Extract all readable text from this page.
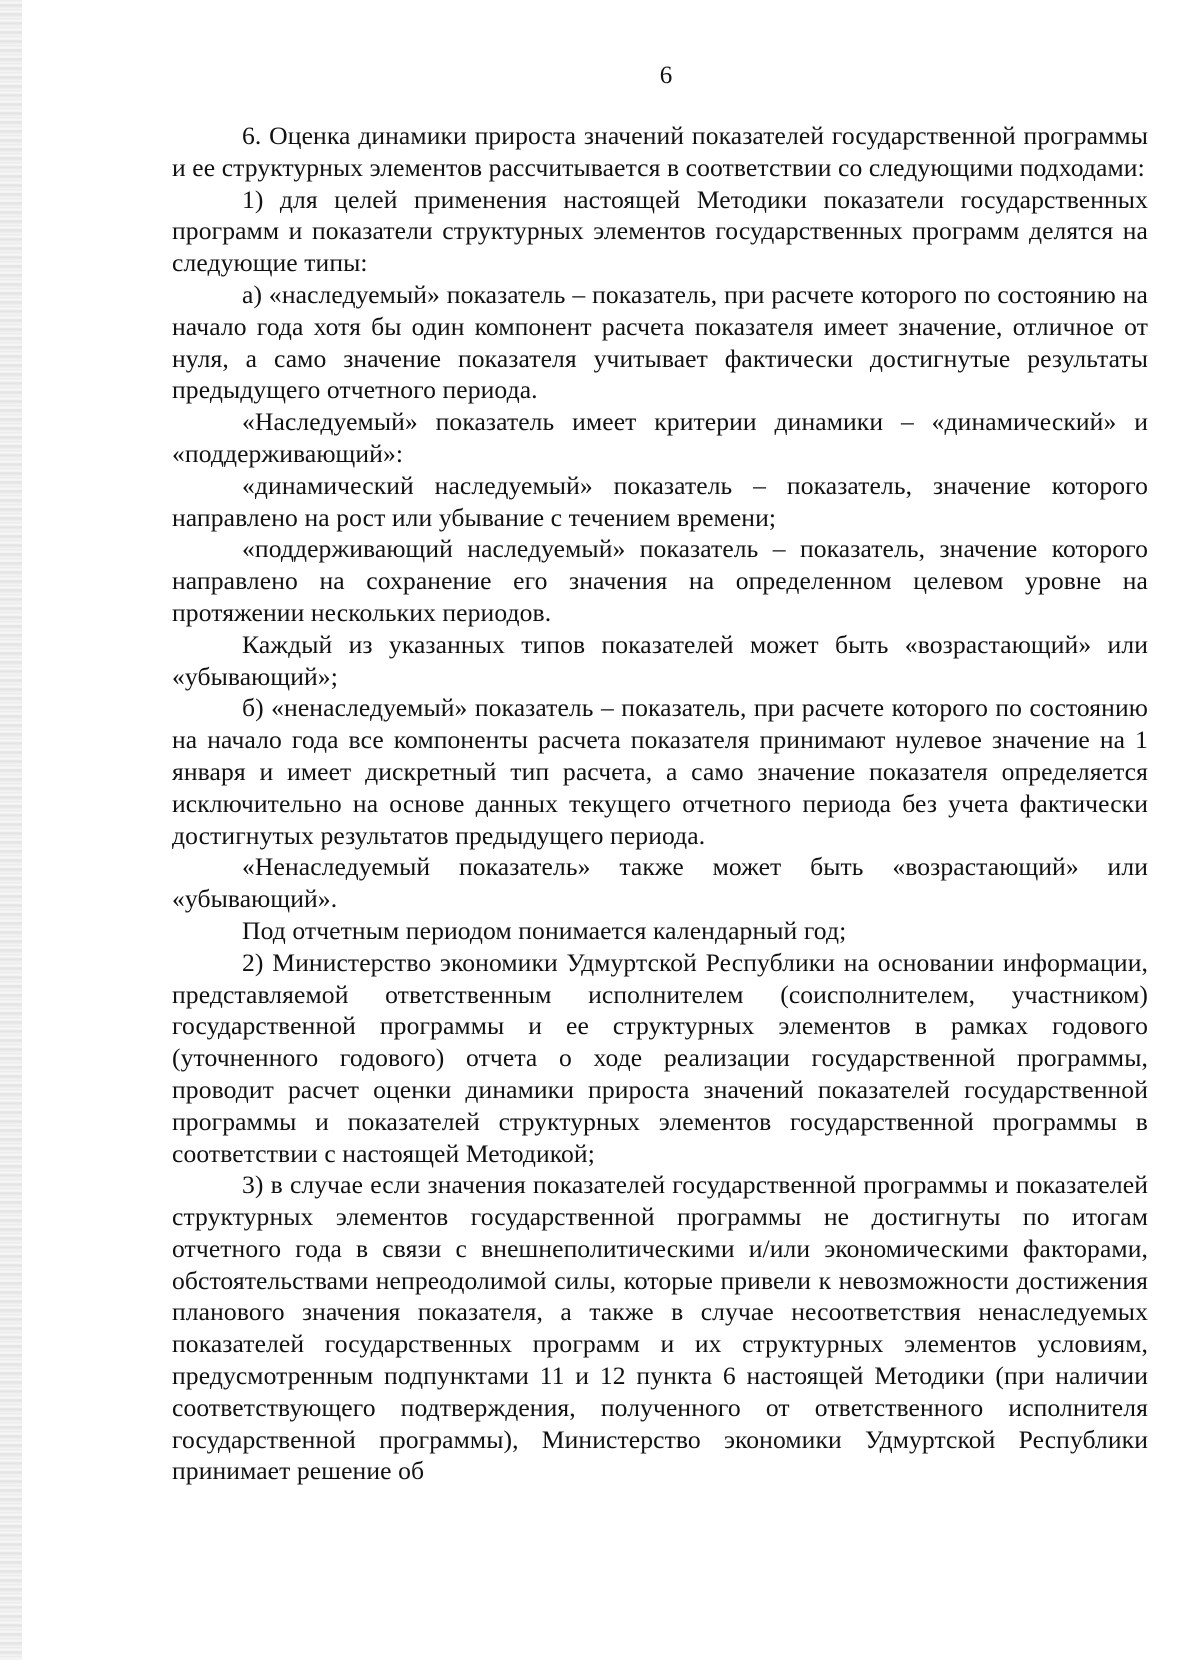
6

6. Оценка динамики прироста значений показателей государственной программы и ее структурных элементов рассчитывается в соответствии со следующими подходами:

1) для целей применения настоящей Методики показатели государственных программ и показатели структурных элементов государственных программ делятся на следующие типы:

а) «наследуемый» показатель – показатель, при расчете которого по состоянию на начало года хотя бы один компонент расчета показателя имеет значение, отличное от нуля, а само значение показателя учитывает фактически достигнутые результаты предыдущего отчетного периода.

«Наследуемый» показатель имеет критерии динамики – «динамический» и «поддерживающий»:

«динамический наследуемый» показатель – показатель, значение которого направлено на рост или убывание с течением времени;

«поддерживающий наследуемый» показатель – показатель, значение которого направлено на сохранение его значения на определенном целевом уровне на протяжении нескольких периодов.

Каждый из указанных типов показателей может быть «возрастающий» или «убывающий»;

б) «ненаследуемый» показатель – показатель, при расчете которого по состоянию на начало года все компоненты расчета показателя принимают нулевое значение на 1 января и имеет дискретный тип расчета, а само значение показателя определяется исключительно на основе данных текущего отчетного периода без учета фактически достигнутых результатов предыдущего периода.

«Ненаследуемый показатель» также может быть «возрастающий» или «убывающий».

Под отчетным периодом понимается календарный год;

2) Министерство экономики Удмуртской Республики на основании информации, представляемой ответственным исполнителем (соисполнителем, участником) государственной программы и ее структурных элементов в рамках годового (уточненного годового) отчета о ходе реализации государственной программы, проводит расчет оценки динамики прироста значений показателей государственной программы и показателей структурных элементов государственной программы в соответствии с настоящей Методикой;

3) в случае если значения показателей государственной программы и показателей структурных элементов государственной программы не достигнуты по итогам отчетного года в связи с внешнеполитическими и/или экономическими факторами, обстоятельствами непреодолимой силы, которые привели к невозможности достижения планового значения показателя, а также в случае несоответствия ненаследуемых показателей государственных программ и их структурных элементов условиям, предусмотренным подпунктами 11 и 12 пункта 6 настоящей Методики (при наличии соответствующего подтверждения, полученного от ответственного исполнителя государственной программы), Министерство экономики Удмуртской Республики принимает решение об
